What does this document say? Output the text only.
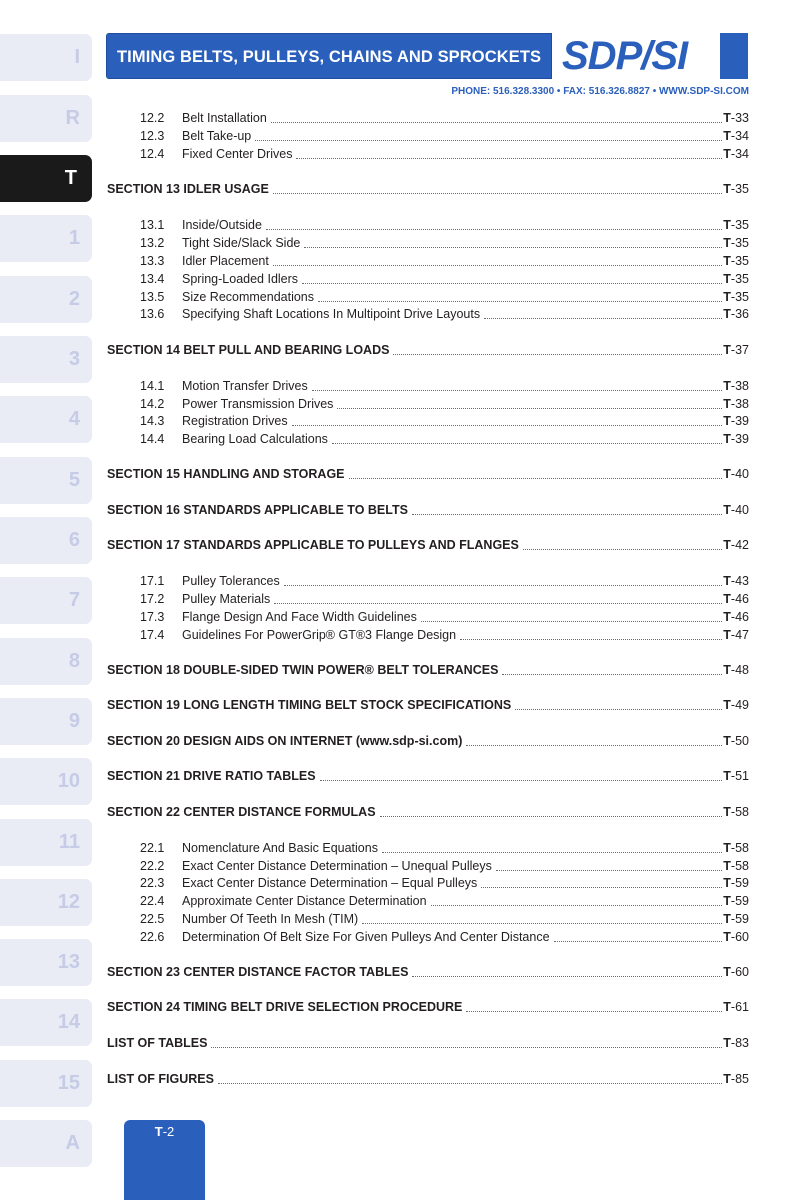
I
R
T
1
2
3
4
5
6
7
8
9
10
11
12
13
14
15
A
TIMING BELTS, PULLEYS, CHAINS AND SPROCKETS SDP/SI
PHONE: 516.328.3300 • FAX: 516.326.8827 • WWW.SDP-SI.COM
12.2	Belt Installation	T-33
12.3	Belt Take-up	T-34
12.4	Fixed Center Drives	T-34
SECTION 13 IDLER USAGE	T-35
13.1	Inside/Outside	T-35
13.2	Tight Side/Slack Side	T-35
13.3	Idler Placement	T-35
13.4	Spring-Loaded Idlers	T-35
13.5	Size Recommendations	T-35
13.6	Specifying Shaft Locations In Multipoint Drive Layouts	T-36
SECTION 14 BELT PULL AND BEARING LOADS	T-37
14.1	Motion Transfer Drives	T-38
14.2	Power Transmission Drives	T-38
14.3	Registration Drives	T-39
14.4	Bearing Load Calculations	T-39
SECTION 15 HANDLING AND STORAGE	T-40
SECTION 16 STANDARDS APPLICABLE TO BELTS	T-40
SECTION 17 STANDARDS APPLICABLE TO PULLEYS AND FLANGES	T-42
17.1	Pulley Tolerances	T-43
17.2	Pulley Materials	T-46
17.3	Flange Design And Face Width Guidelines	T-46
17.4	Guidelines For PowerGrip® GT®3 Flange Design	T-47
SECTION 18 DOUBLE-SIDED TWIN POWER® BELT TOLERANCES	T-48
SECTION 19 LONG LENGTH TIMING BELT STOCK SPECIFICATIONS	T-49
SECTION 20 DESIGN AIDS ON INTERNET (www.sdp-si.com)	T-50
SECTION 21 DRIVE RATIO TABLES	T-51
SECTION 22 CENTER DISTANCE FORMULAS	T-58
22.1	Nomenclature And Basic Equations	T-58
22.2	Exact Center Distance Determination – Unequal Pulleys	T-58
22.3	Exact Center Distance Determination – Equal Pulleys	T-59
22.4	Approximate Center Distance Determination	T-59
22.5	Number Of Teeth In Mesh (TIM)	T-59
22.6	Determination Of Belt Size For Given Pulleys And Center Distance	T-60
SECTION 23 CENTER DISTANCE FACTOR TABLES	T-60
SECTION 24 TIMING BELT DRIVE SELECTION PROCEDURE	T-61
LIST OF TABLES	T-83
LIST OF FIGURES	T-85
T-2
